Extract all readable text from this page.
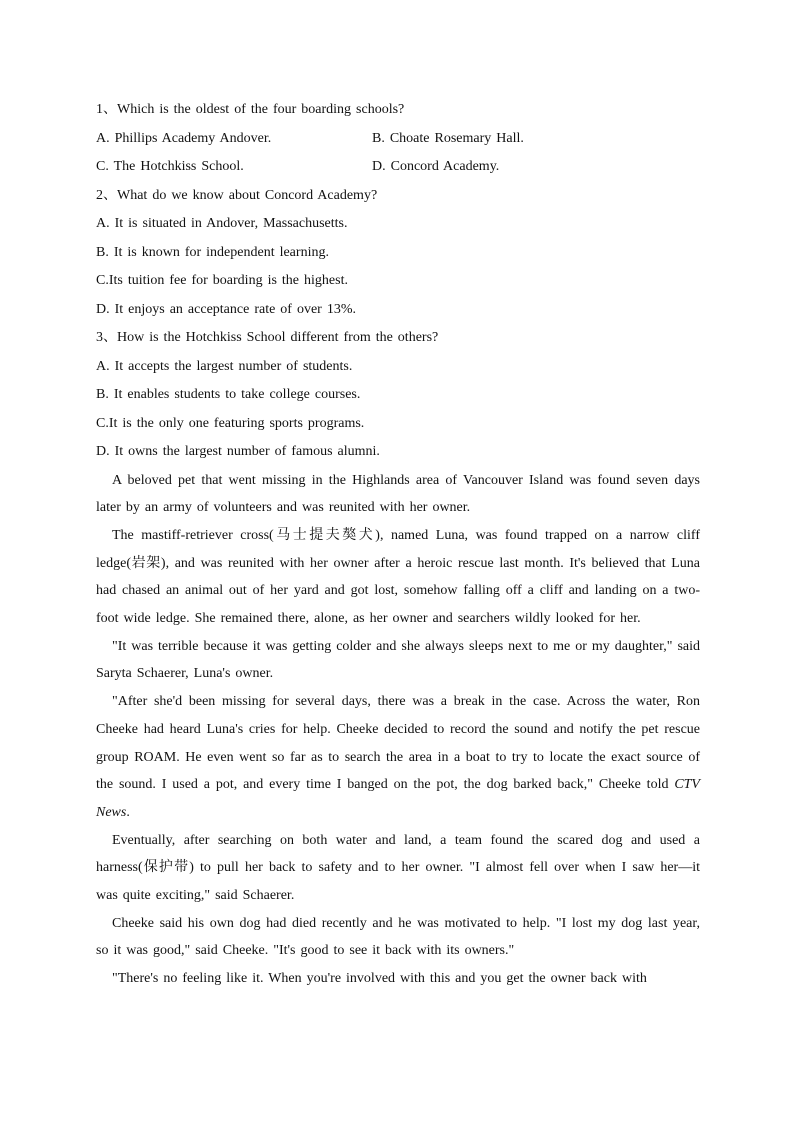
1、Which is the oldest of the four boarding schools?
A. Phillips Academy Andover.	B. Choate Rosemary Hall.
C. The Hotchkiss School.	D. Concord Academy.
2、What do we know about Concord Academy?
A. It is situated in Andover, Massachusetts.
B. It is known for independent learning.
C.Its tuition fee for boarding is the highest.
D. It enjoys an acceptance rate of over 13%.
3、How is the Hotchkiss School different from the others?
A. It accepts the largest number of students.
B. It enables students to take college courses.
C.It is the only one featuring sports programs.
D. It owns the largest number of famous alumni.

A beloved pet that went missing in the Highlands area of Vancouver Island was found seven days later by an army of volunteers and was reunited with her owner.

The mastiff-retriever cross(马士提夫獒犬), named Luna, was found trapped on a narrow cliff ledge(岩架), and was reunited with her owner after a heroic rescue last month. It's believed that Luna had chased an animal out of her yard and got lost, somehow falling off a cliff and landing on a two-foot wide ledge. She remained there, alone, as her owner and searchers wildly looked for her.

"It was terrible because it was getting colder and she always sleeps next to me or my daughter," said Saryta Schaerer, Luna's owner.

"After she'd been missing for several days, there was a break in the case. Across the water, Ron Cheeke had heard Luna's cries for help. Cheeke decided to record the sound and notify the pet rescue group ROAM. He even went so far as to search the area in a boat to try to locate the exact source of the sound. I used a pot, and every time I banged on the pot, the dog barked back," Cheeke told CTV News.

Eventually, after searching on both water and land, a team found the scared dog and used a harness(保护带) to pull her back to safety and to her owner. "I almost fell over when I saw her—it was quite exciting," said Schaerer.

Cheeke said his own dog had died recently and he was motivated to help. "I lost my dog last year, so it was good," said Cheeke. "It's good to see it back with its owners."

"There's no feeling like it. When you're involved with this and you get the owner back with
